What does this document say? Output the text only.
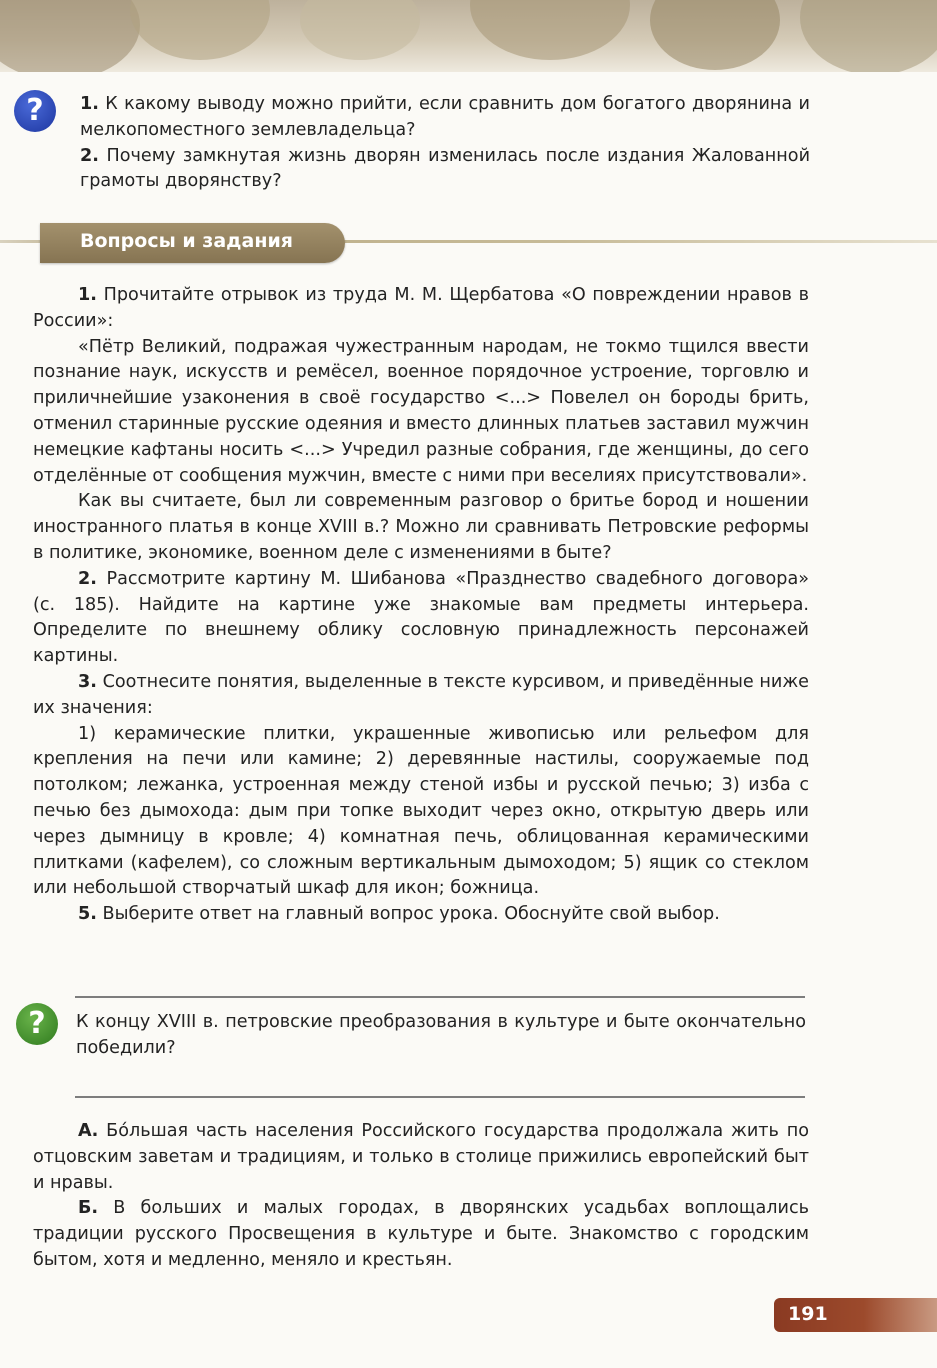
?	1. К какому выводу можно прийти, если сравнить дом богатого дворянина и мелкопоместного землевладельца?

2. Почему замкнутая жизнь дворян изменилась после издания Жалованной грамоты дворянству?

Вопросы и задания

1. Прочитайте отрывок из труда М. М. Щербатова «О повреждении нравов в России»:

«Пётр Великий, подражая чужестранным народам, не токмо тщился ввести познание наук, искусств и ремёсел, военное порядочное устроение, торговлю и приличнейшие узаконения в своё государство <...> Повелел он бороды брить, отменил старинные русские одеяния и вместо длинных платьев заставил мужчин немецкие кафтаны носить <...> Учредил разные собрания, где женщины, до сего отделённые от сообщения мужчин, вместе с ними при веселиях присутствовали».

Как вы считаете, был ли современным разговор о бритье бород и ношении иностранного платья в конце XVIII в.? Можно ли сравнивать Петровские реформы в политике, экономике, военном деле с изменениями в быте?

2. Рассмотрите картину М. Шибанова «Празднество свадебного договора» (с. 185). Найдите на картине уже знакомые вам предметы интерьера. Определите по внешнему облику сословную принадлежность персонажей картины.

3. Соотнесите понятия, выделенные в тексте курсивом, и приведённые ниже их значения:

1) керамические плитки, украшенные живописью или рельефом для крепления на печи или камине; 2) деревянные настилы, сооружаемые под потолком; лежанка, устроенная между стеной избы и русской печью; 3) изба с печью без дымохода: дым при топке выходит через окно, открытую дверь или через дымницу в кровле; 4) комнатная печь, облицованная керамическими плитками (кафелем), со сложным вертикальным дымоходом; 5) ящик со стеклом или небольшой створчатый шкаф для икон; божница.

5. Выберите ответ на главный вопрос урока. Обоснуйте свой выбор.

?	К концу XVIII в. петровские преобразования в культуре и быте окончательно победили?

А. Бóльшая часть населения Российского государства продолжала жить по отцовским заветам и традициям, и только в столице прижились европейский быт и нравы.

Б. В больших и малых городах, в дворянских усадьбах воплощались традиции русского Просвещения в культуре и быте. Знакомство с городским бытом, хотя и медленно, меняло и крестьян.

191
